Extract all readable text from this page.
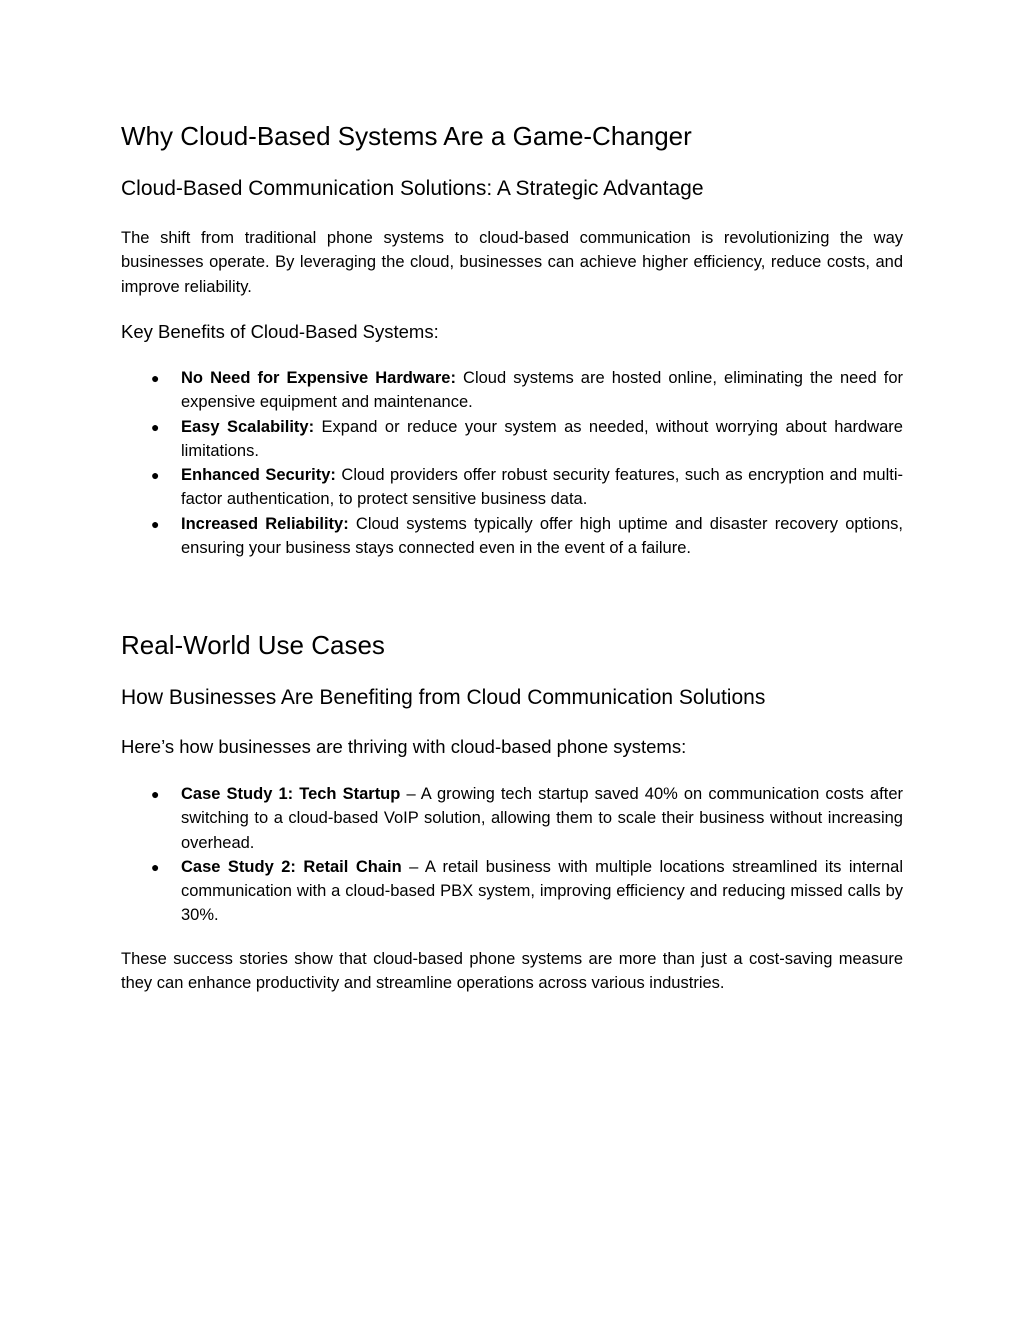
Why Cloud-Based Systems Are a Game-Changer
Cloud-Based Communication Solutions: A Strategic Advantage

The shift from traditional phone systems to cloud-based communication is revolutionizing the way businesses operate. By leveraging the cloud, businesses can achieve higher efficiency, reduce costs, and improve reliability.

Key Benefits of Cloud-Based Systems:

● No Need for Expensive Hardware: Cloud systems are hosted online, eliminating the need for expensive equipment and maintenance.
● Easy Scalability: Expand or reduce your system as needed, without worrying about hardware limitations.
● Enhanced Security: Cloud providers offer robust security features, such as encryption and multi-factor authentication, to protect sensitive business data.
● Increased Reliability: Cloud systems typically offer high uptime and disaster recovery options, ensuring your business stays connected even in the event of a failure.
Real-World Use Cases
How Businesses Are Benefiting from Cloud Communication Solutions

Here’s how businesses are thriving with cloud-based phone systems:

● Case Study 1: Tech Startup – A growing tech startup saved 40% on communication costs after switching to a cloud-based VoIP solution, allowing them to scale their business without increasing overhead.
● Case Study 2: Retail Chain – A retail business with multiple locations streamlined its internal communication with a cloud-based PBX system, improving efficiency and reducing missed calls by 30%.

These success stories show that cloud-based phone systems are more than just a cost-saving measure they can enhance productivity and streamline operations across various industries.
